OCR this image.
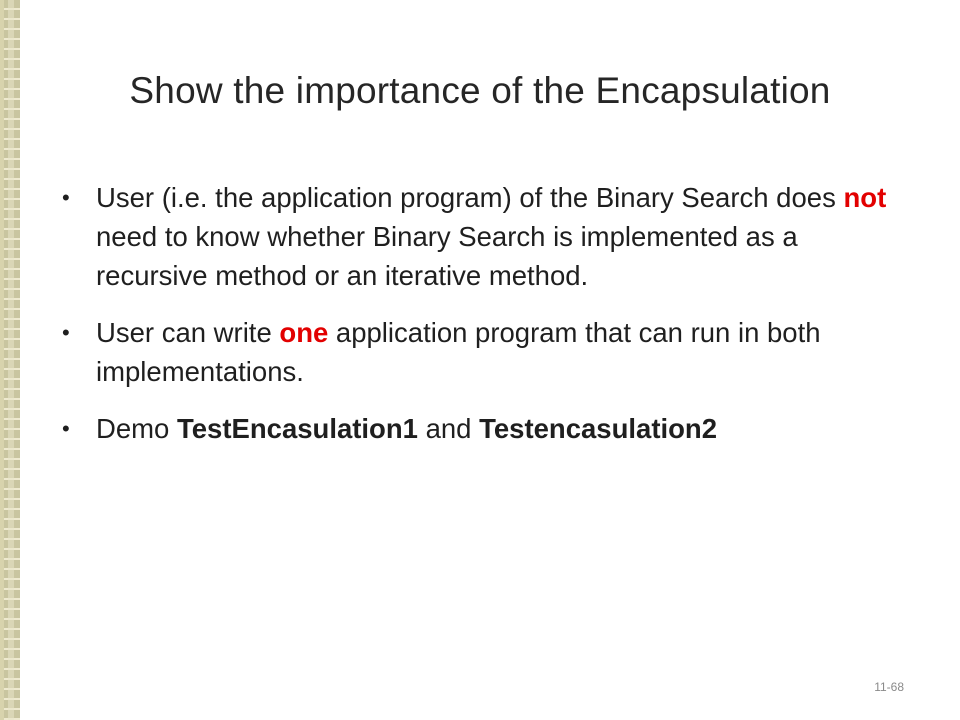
Show the importance of the Encapsulation
• User (i.e. the application program) of the Binary Search does not need to know whether Binary Search is implemented as a recursive method or an iterative method.
• User can write one application program that can run in both implementations.
• Demo TestEncasulation1 and Testencasulation2
11-68
